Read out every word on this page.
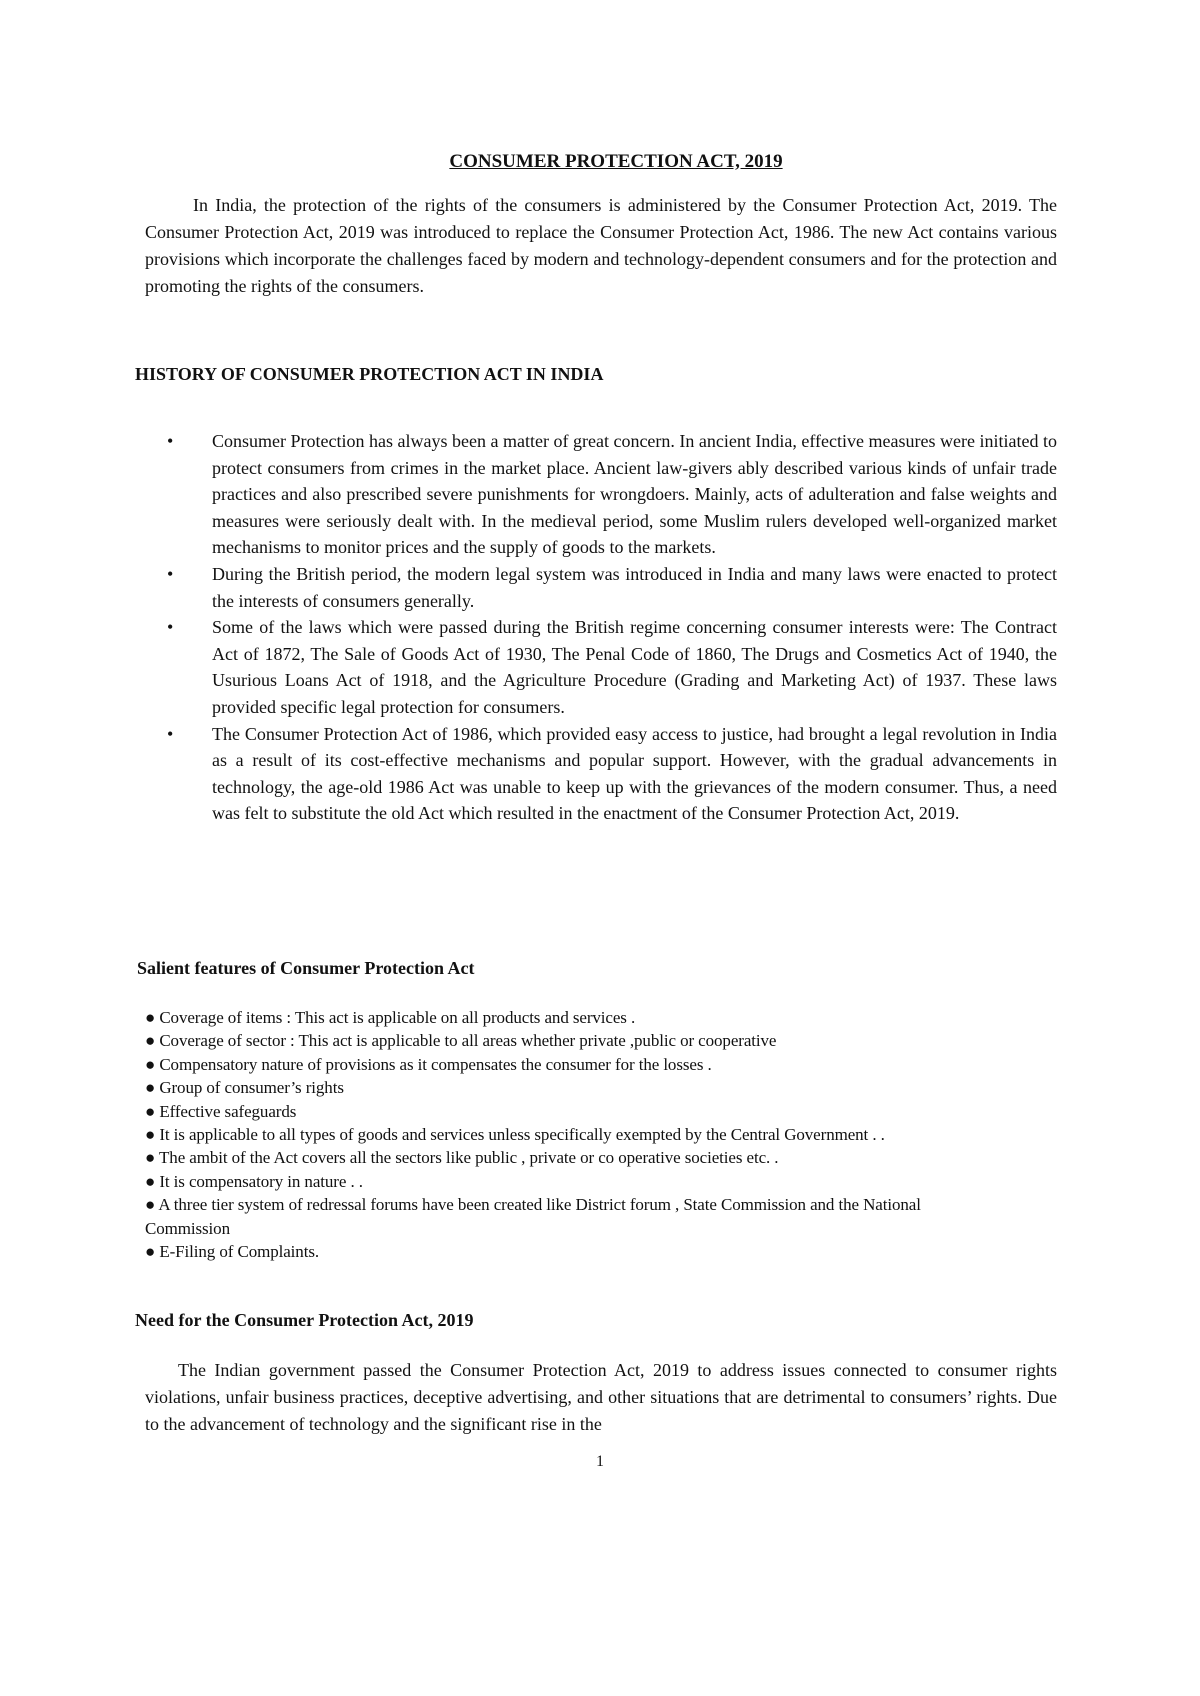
CONSUMER PROTECTION ACT, 2019

In India, the protection of the rights of the consumers is administered by the Consumer Protection Act, 2019. The Consumer Protection Act, 2019 was introduced to replace the Consumer Protection Act, 1986. The new Act contains various provisions which incorporate the challenges faced by modern and technology-dependent consumers and for the protection and promoting the rights of the consumers.

HISTORY OF CONSUMER PROTECTION ACT IN INDIA
• Consumer Protection has always been a matter of great concern. In ancient India, effective measures were initiated to protect consumers from crimes in the market place. Ancient law-givers ably described various kinds of unfair trade practices and also prescribed severe punishments for wrongdoers. Mainly, acts of adulteration and false weights and measures were seriously dealt with. In the medieval period, some Muslim rulers developed well-organized market mechanisms to monitor prices and the supply of goods to the markets.
• During the British period, the modern legal system was introduced in India and many laws were enacted to protect the interests of consumers generally.
• Some of the laws which were passed during the British regime concerning consumer interests were: The Contract Act of 1872, The Sale of Goods Act of 1930, The Penal Code of 1860, The Drugs and Cosmetics Act of 1940, the Usurious Loans Act of 1918, and the Agriculture Procedure (Grading and Marketing Act) of 1937. These laws provided specific legal protection for consumers.
• The Consumer Protection Act of 1986, which provided easy access to justice, had brought a legal revolution in India as a result of its cost-effective mechanisms and popular support. However, with the gradual advancements in technology, the age-old 1986 Act was unable to keep up with the grievances of the modern consumer. Thus, a need was felt to substitute the old Act which resulted in the enactment of the Consumer Protection Act, 2019.
Salient features of Consumer Protection Act
● Coverage of items : This act is applicable on all products and services .
● Coverage of sector : This act is applicable to all areas whether private ,public or cooperative
● Compensatory nature of provisions as it compensates the consumer for the losses .
● Group of consumer’s rights
● Effective safeguards
● It is applicable to all types of goods and services unless specifically exempted by the Central Government . .
● The ambit of the Act covers all the sectors like public , private or co operative societies etc. .
● It is compensatory in nature . .
● A three tier system of redressal forums have been created like District forum , State Commission and the National Commission
● E-Filing of Complaints.
Need for the Consumer Protection Act, 2019

The Indian government passed the Consumer Protection Act, 2019 to address issues connected to consumer rights violations, unfair business practices, deceptive advertising, and other situations that are detrimental to consumers’ rights. Due to the advancement of technology and the significant rise in the

1
